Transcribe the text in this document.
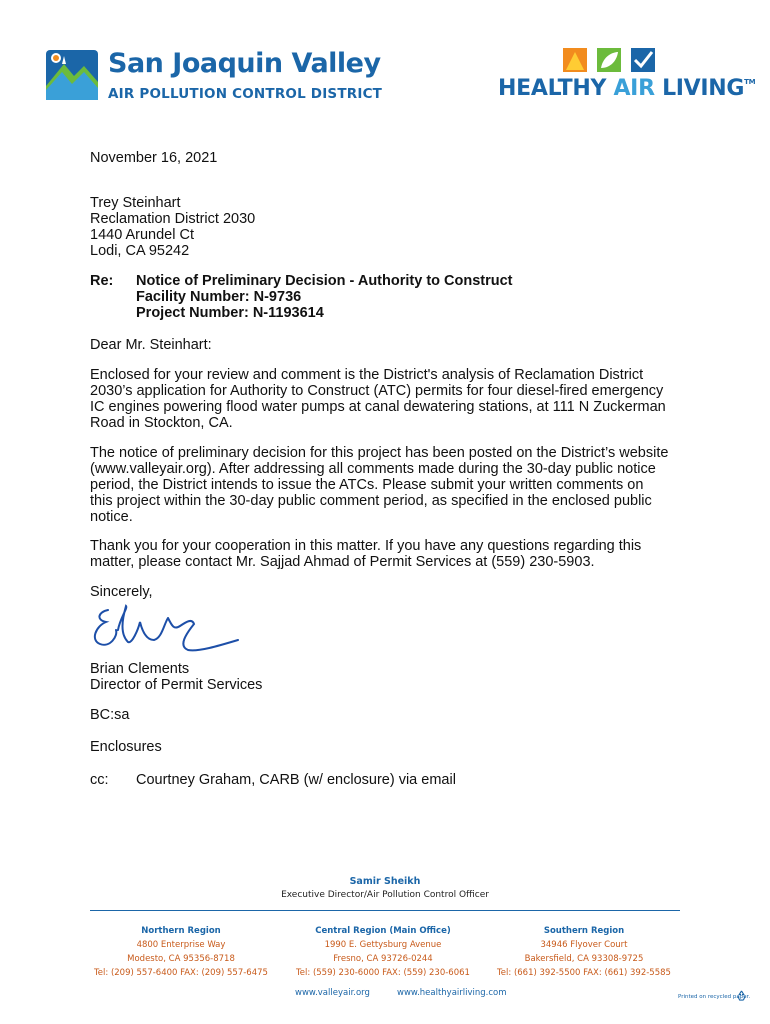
San Joaquin Valley
AIR POLLUTION CONTROL DISTRICT	HEALTHY AIR LIVING™
November 16, 2021
Trey Steinhart
Reclamation District 2030
1440 Arundel Ct
Lodi, CA 95242
Re: Notice of Preliminary Decision - Authority to Construct
Facility Number: N-9736
Project Number: N-1193614
Dear Mr. Steinhart:
Enclosed for your review and comment is the District's analysis of Reclamation District
2030’s application for Authority to Construct (ATC) permits for four diesel-fired emergency
IC engines powering flood water pumps at canal dewatering stations, at 111 N Zuckerman
Road in Stockton, CA.
The notice of preliminary decision for this project has been posted on the District’s website
(www.valleyair.org). After addressing all comments made during the 30-day public notice
period, the District intends to issue the ATCs. Please submit your written comments on
this project within the 30-day public comment period, as specified in the enclosed public
notice.
Thank you for your cooperation in this matter. If you have any questions regarding this
matter, please contact Mr. Sajjad Ahmad of Permit Services at (559) 230-5903.
Sincerely,
Brian Clements
Director of Permit Services
BC:sa
Enclosures
cc: Courtney Graham, CARB (w/ enclosure) via email
Samir Sheikh
Executive Director/Air Pollution Control Officer
Northern Region
4800 Enterprise Way
Modesto, CA 95356-8718
Tel: (209) 557-6400 FAX: (209) 557-6475
Central Region (Main Office)
1990 E. Gettysburg Avenue
Fresno, CA 93726-0244
Tel: (559) 230-6000 FAX: (559) 230-6061
Southern Region
34946 Flyover Court
Bakersfield, CA 93308-9725
Tel: (661) 392-5500 FAX: (661) 392-5585
www.valleyair.org	www.healthyairliving.com	Printed on recycled paper.
